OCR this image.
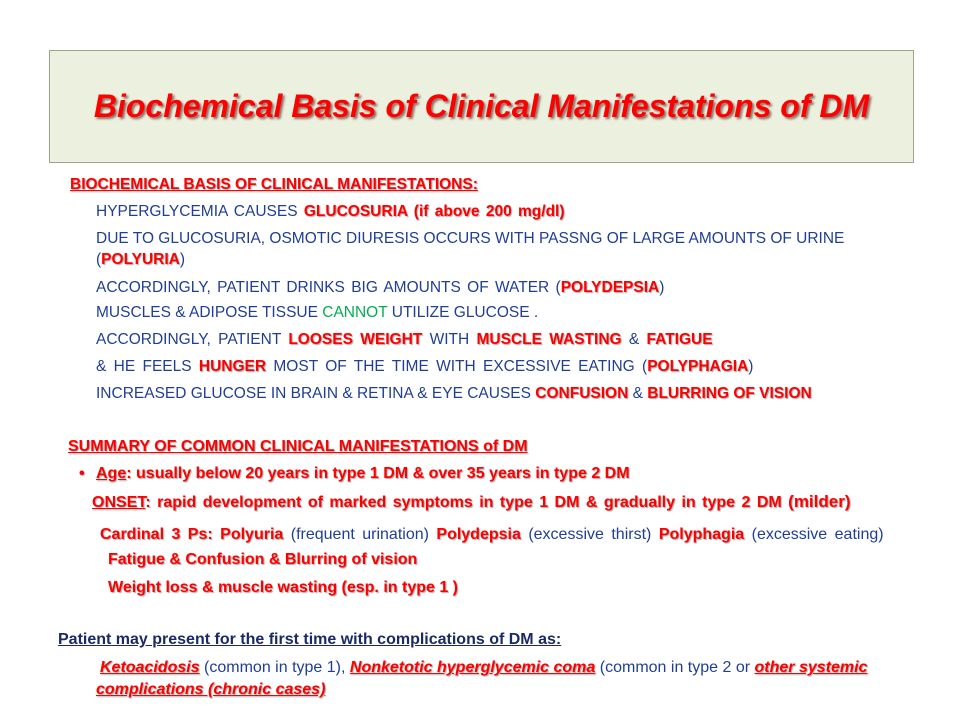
Biochemical Basis of Clinical Manifestations of DM
BIOCHEMICAL BASIS OF CLINICAL MANIFESTATIONS:
HYPERGLYCEMIA CAUSES GLUCOSURIA (if above 200 mg/dl)
DUE TO GLUCOSURIA, OSMOTIC DIURESIS OCCURS WITH PASSNG OF LARGE AMOUNTS OF URINE
(POLYURIA)
ACCORDINGLY, PATIENT DRINKS BIG AMOUNTS OF WATER (POLYDEPSIA)
MUSCLES & ADIPOSE TISSUE CANNOT UTILIZE GLUCOSE .
ACCORDINGLY, PATIENT LOOSES WEIGHT WITH MUSCLE WASTING & FATIGUE
& HE FEELS HUNGER MOST OF THE TIME WITH EXCESSIVE EATING (POLYPHAGIA)
INCREASED GLUCOSE IN BRAIN & RETINA & EYE CAUSES CONFUSION & BLURRING OF VISION
SUMMARY OF COMMON CLINICAL MANIFESTATIONS of DM
• Age: usually below 20 years in type 1 DM & over 35 years in type 2 DM
ONSET: rapid development of marked symptoms in type 1 DM & gradually in type 2 DM (milder)
Cardinal 3 Ps: Polyuria (frequent urination) Polydepsia (excessive thirst) Polyphagia (excessive eating)
Fatigue & Confusion & Blurring of vision
Weight loss & muscle wasting (esp. in type 1 )
Patient may present for the first time with complications of DM as:
Ketoacidosis (common in type 1), Nonketotic hyperglycemic coma (common in type 2 or other systemic
complications (chronic cases)
